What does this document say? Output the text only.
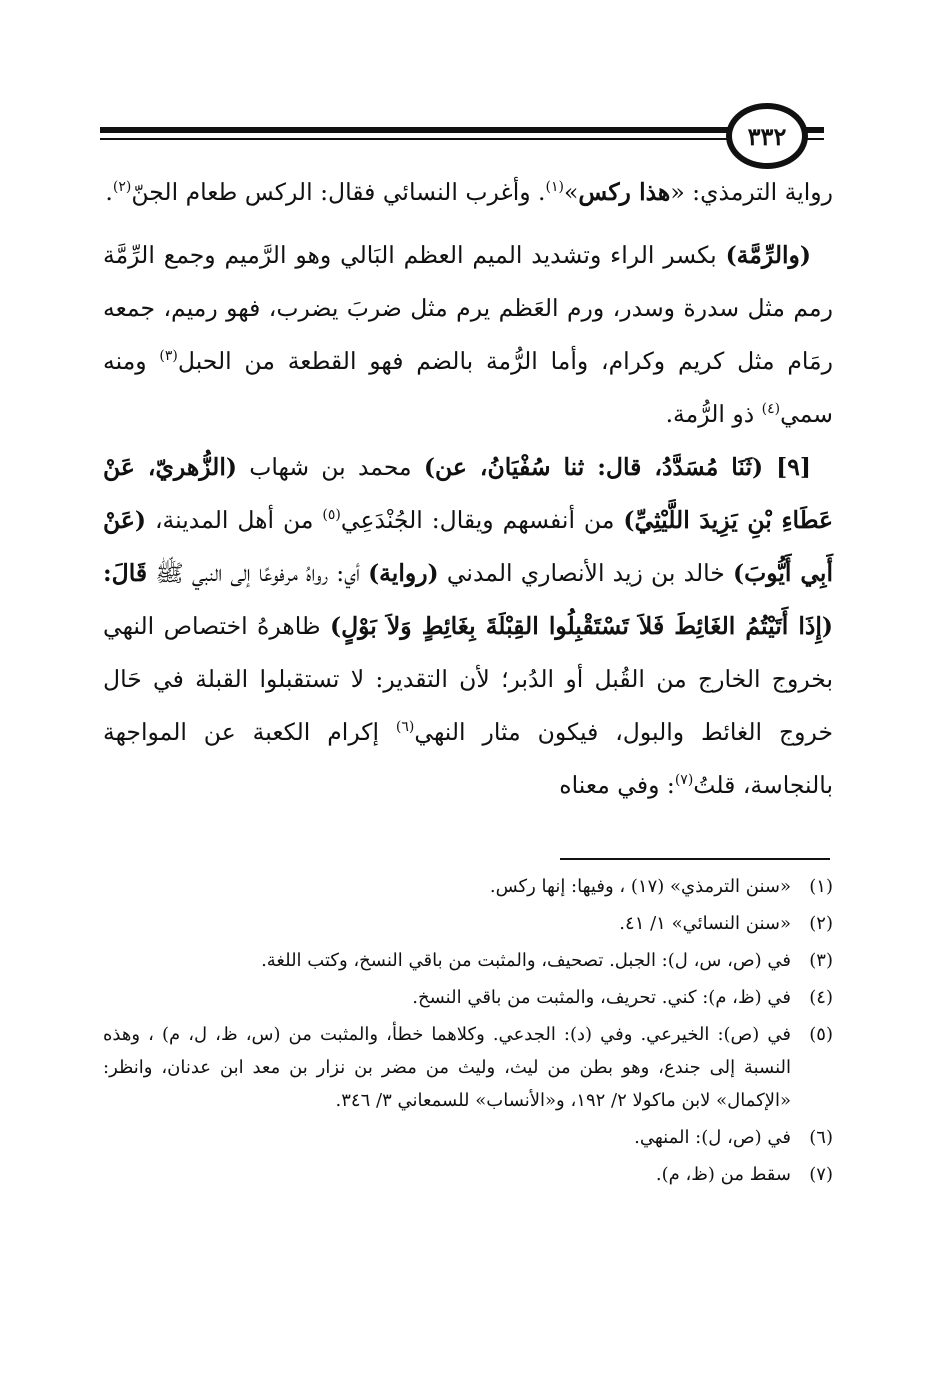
٣٣٢

رواية الترمذي: «هذا ركس»$^{(١)}$. وأغرب النسائي فقال: الركس طعام الجنّ$^{(٢)}$.

(والرِّمَّة) بكسر الراء وتشديد الميم العظم البَالي وهو الرَّميم وجمع الرِّمَّة رمم مثل سدرة وسدر، ورم العَظم يرم مثل ضربَ يضرب، فهو رميم، جمعه رمَام مثل كريم وكرام، وأما الرُّمة بالضم فهو القطعة من الحبل$^{(٣)}$ ومنه سمي$^{(٤)}$ ذو الرُّمة.

[٩] (ثَنَا مُسَدَّدُ، قال: ثنا سُفْيَانُ، عن) محمد بن شهاب (الزُّهريّ، عَنْ عَطَاءِ بْنِ يَزِيدَ اللَّيْثِيِّ) من أنفسهم ويقال: الجُنْدَعِي$^{(٥)}$ من أهل المدينة، (عَنْ أَبِي أَيُّوبَ) خالد بن زيد الأنصاري المدني (رواية) أي: رواهُ مرفوعًا إلى النبي ﷺ قَالَ: (إِذَا أَتَيْتُمُ الغَائِطَ فَلاَ تَسْتَقْبِلُوا القِبْلَةَ بِغَائِطٍ وَلاَ بَوْلٍ) ظاهرهُ اختصاص النهي بخروج الخارج من القُبل أو الدُبر؛ لأن التقدير: لا تستقبلوا القبلة في حَال خروج الغائط والبول، فيكون مثار النهي$^{(٦)}$ إكرام الكعبة عن المواجهة بالنجاسة، قلتُ$^{(٧)}$: وفي معناه

(١)
«سنن الترمذي» (١٧) ، وفيها: إنها ركس.
(٢)
«سنن النسائي» ١/ ٤١.
(٣)
في (ص، س، ل): الجبل. تصحيف، والمثبت من باقي النسخ، وكتب اللغة.
(٤)
في (ظ، م): كني. تحريف، والمثبت من باقي النسخ.
(٥)
في (ص): الخيرعي. وفي (د): الجدعي. وكلاهما خطأ، والمثبت من (س، ظ، ل، م) ، وهذه النسبة إلى جندع، وهو بطن من ليث، وليث من مضر بن نزار بن معد ابن عدنان، وانظر: «الإكمال» لابن ماكولا ٢/ ١٩٢، و«الأنساب» للسمعاني ٣/ ٣٤٦.
(٦)
في (ص، ل): المنهي.
(٧)
سقط من (ظ، م).
